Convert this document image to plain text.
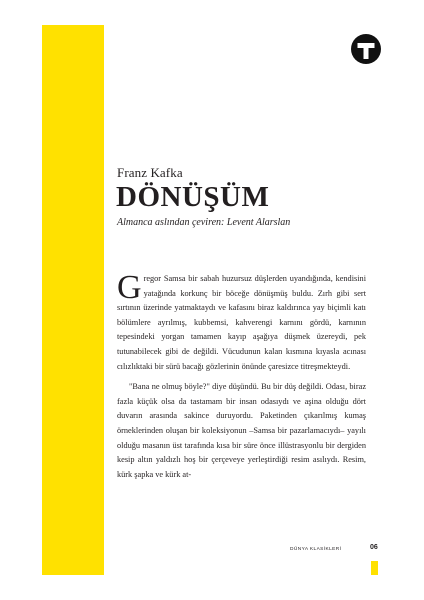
Franz Kafka
DÖNÜŞÜM
Almanca aslından çeviren: Levent Alarslan

Gregor Samsa bir sabah huzursuz düşlerden uyandığında, kendisini yatağında korkunç bir böceğe dönüşmüş buldu. Zırh gibi sert sırtının üzerinde yatmaktaydı ve kafasını biraz kaldırınca yay biçimli katı bölümlere ayrılmış, kubbemsi, kahverengi karnını gördü, karnının tepesindeki yorgan tamamen kayıp aşağıya düşmek üzereydi, pek tutunabilecek gibi de değildi. Vücudunun kalan kısmına kıyasla acınası cılızlıktaki bir sürü bacağı gözlerinin önünde çaresizce titreşmekteydi.

"Bana ne olmuş böyle?" diye düşündü. Bu bir düş değildi. Odası, biraz fazla küçük olsa da tastamam bir insan odasıydı ve aşina olduğu dört duvarın arasında sakince duruyordu. Paketinden çıkarılmış kumaş örneklerinden oluşan bir koleksiyonun –Samsa bir pazarlamacıydı– yayılı olduğu masanın üst tarafında kısa bir süre önce illüstrasyonlu bir dergiden kesip altın yaldızlı hoş bir çerçeveye yerleştirdiği resim asılıydı. Resim, kürk şapka ve kürk at-

DÜNYA KLASİKLERİ	06
